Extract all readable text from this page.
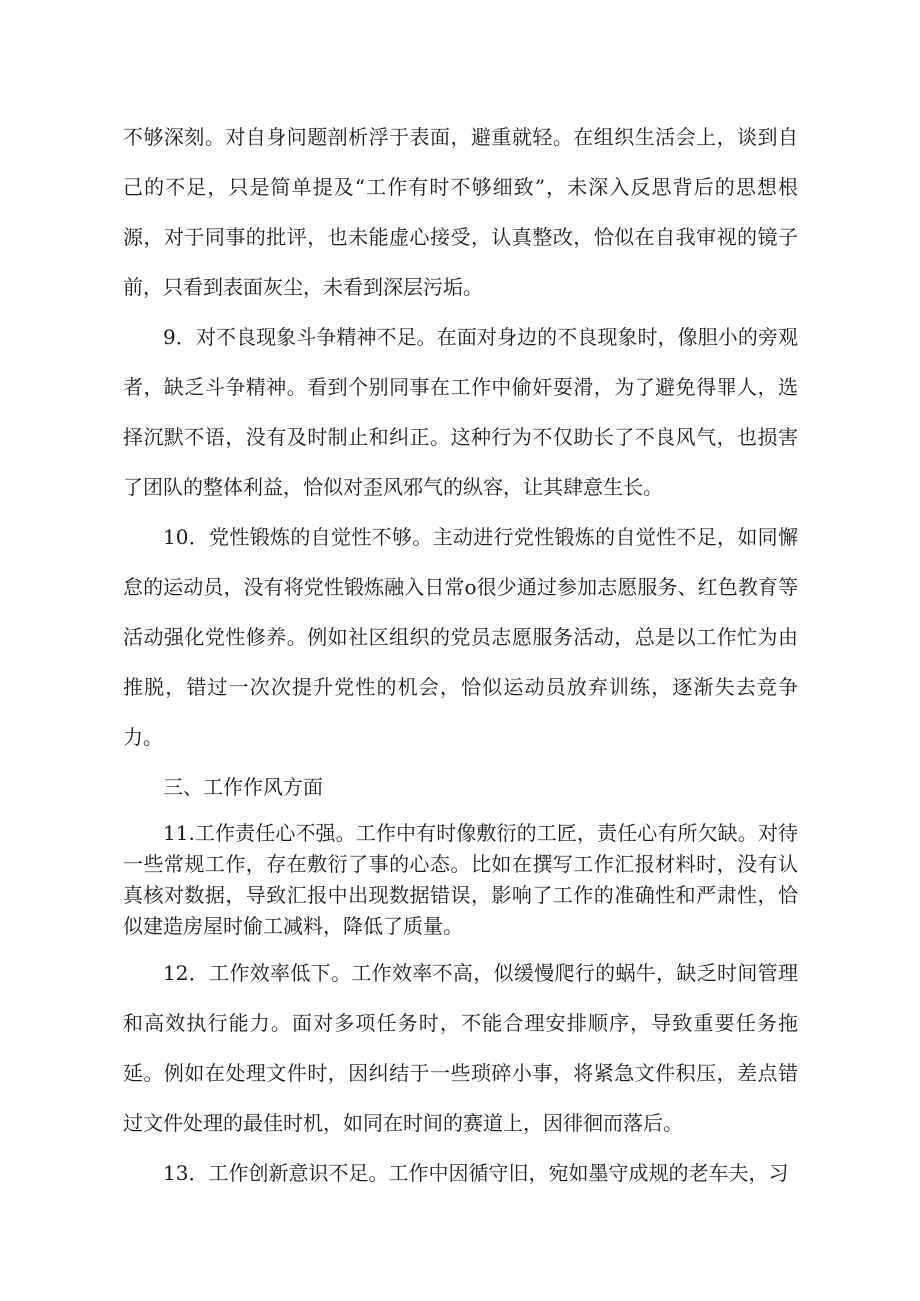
不够深刻。对自身问题剖析浮于表面，避重就轻。在组织生活会上，谈到自己的不足，只是简单提及“工作有时不够细致”，未深入反思背后的思想根源，对于同事的批评，也未能虚心接受，认真整改，恰似在自我审视的镜子前，只看到表面灰尘，未看到深层污垢。

9．对不良现象斗争精神不足。在面对身边的不良现象时，像胆小的旁观者，缺乏斗争精神。看到个别同事在工作中偷奸耍滑，为了避免得罪人，选择沉默不语，没有及时制止和纠正。这种行为不仅助长了不良风气，也损害了团队的整体利益，恰似对歪风邪气的纵容，让其肆意生长。

10．党性锻炼的自觉性不够。主动进行党性锻炼的自觉性不足，如同懈怠的运动员，没有将党性锻炼融入日常o很少通过参加志愿服务、红色教育等活动强化党性修养。例如社区组织的党员志愿服务活动，总是以工作忙为由推脱，错过一次次提升党性的机会，恰似运动员放弃训练，逐渐失去竞争力。

三、工作作风方面

11.工作责任心不强。工作中有时像敷衍的工匠，责任心有所欠缺。对待一些常规工作，存在敷衍了事的心态。比如在撰写工作汇报材料时，没有认真核对数据，导致汇报中出现数据错误，影响了工作的准确性和严肃性，恰似建造房屋时偷工减料，降低了质量。

12．工作效率低下。工作效率不高，似缓慢爬行的蜗牛，缺乏时间管理和高效执行能力。面对多项任务时，不能合理安排顺序，导致重要任务拖延。例如在处理文件时，因纠结于一些琐碎小事，将紧急文件积压，差点错过文件处理的最佳时机，如同在时间的赛道上，因徘徊而落后。

13．工作创新意识不足。工作中因循守旧，宛如墨守成规的老车夫，习
